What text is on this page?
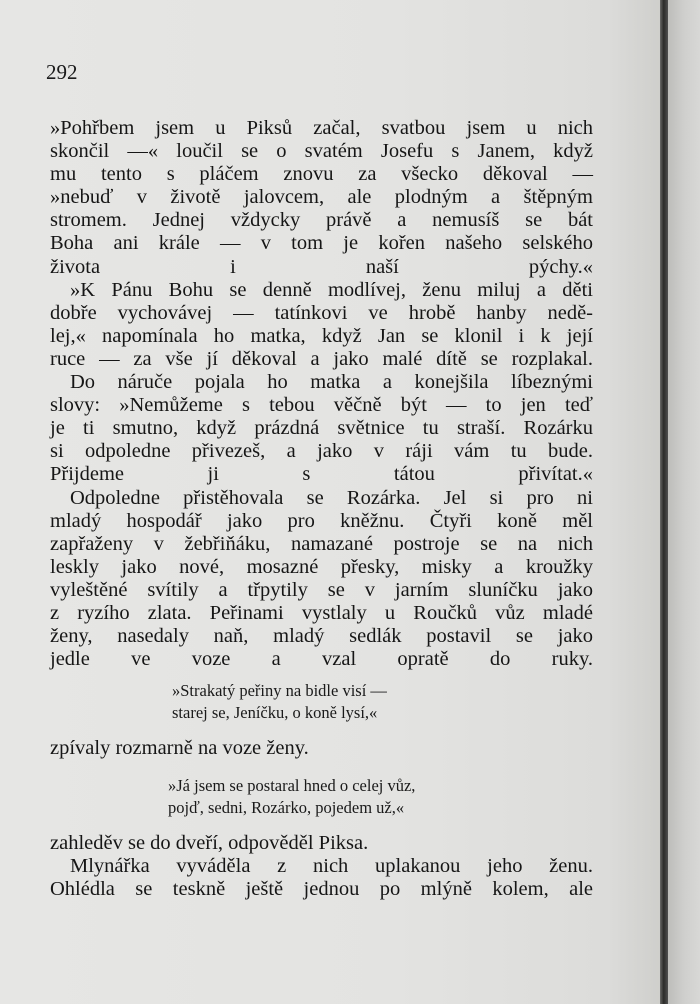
292

»Pohřbem jsem u Piksů začal, svatbou jsem u nich

skončil —« loučil se o svatém Josefu s Janem, když

mu tento s pláčem znovu za všecko děkoval —

»nebuď v životě jalovcem, ale plodným a štěpným

stromem. Jednej vždycky právě a nemusíš se bát

Boha ani krále — v tom je kořen našeho selského

života i naší pýchy.«

»K Pánu Bohu se denně modlívej, ženu miluj a děti

dobře vychovávej — tatínkovi ve hrobě hanby nedě-

lej,« napomínala ho matka, když Jan se klonil i k její

ruce — za vše jí děkoval a jako malé dítě se rozplakal.

Do náruče pojala ho matka a konejšila líbeznými

slovy: »Nemůžeme s tebou věčně být — to jen teď

je ti smutno, když prázdná světnice tu straší. Rozárku

si odpoledne přivezeš, a jako v ráji vám tu bude.

Přijdeme ji s tátou přivítat.«

Odpoledne přistěhovala se Rozárka. Jel si pro ni

mladý hospodář jako pro kněžnu. Čtyři koně měl

zapřaženy v žebřiňáku, namazané postroje se na nich

leskly jako nové, mosazné přesky, misky a kroužky

vyleštěné svítily a třpytily se v jarním sluníčku jako

z ryzího zlata. Peřinami vystlaly u Roučků vůz mladé

ženy, nasedaly naň, mladý sedlák postavil se jako

jedle ve voze a vzal opratě do ruky.

»Strakatý peřiny na bidle visí —

starej se, Jeníčku, o koně lysí,«

zpívaly rozmarně na voze ženy.

»Já jsem se postaral hned o celej vůz,

pojď, sedni, Rozárko, pojedem už,«

zahleděv se do dveří, odpověděl Piksa.

Mlynářka vyváděla z nich uplakanou jeho ženu.

Ohlédla se teskně ještě jednou po mlýně kolem, ale
